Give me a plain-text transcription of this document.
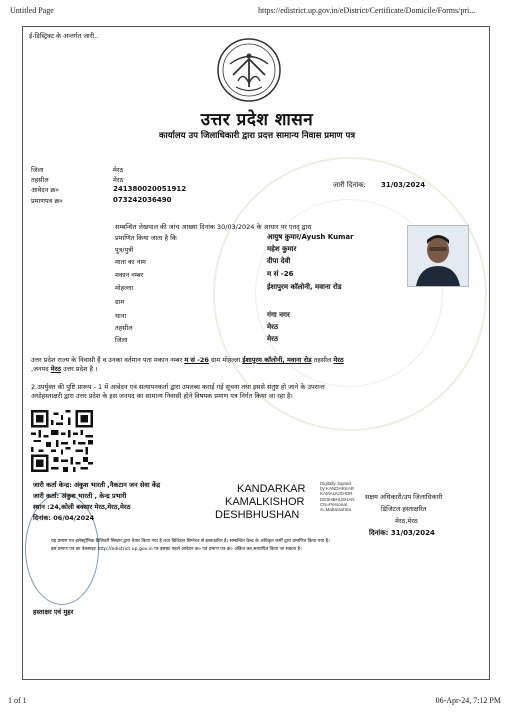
Untitled Page	https://edistrict.up.gov.in/eDistrict/Certificate/Domicile/Forms/pri...
ई-डिस्ट्रिक्ट के अन्तर्गत जारी..
उत्तर प्रदेश शासन
कार्यालय उप जिलाधिकारी द्वारा प्रदत्त सामान्य निवास प्रमाण पत्र
जिला	मेरठ
तहसील	मेरठ
आवेदन क्र०	241380020051912
प्रमाणपत्र क्र०	073242036490
जारी दिनांक: 31/03/2024
सम्बन्धित लेखपाल की जांच आख्या दिनांक 30/03/2024 के आधार पर एतद् द्वारा
प्रमाणित किया जाता है कि	आयुष कुमार/Ayush Kumar
पुत्र/पुत्री	महेश कुमार
माता का नाम	दीपा देवी
मकान नम्बर	म सं -26
मोहल्ला	ईशापुरम कॉलोनी, मवाना रोड
ग्राम
थाना	गंगा नगर
तहसील	मेरठ
जिला	मेरठ
उत्तर प्रदेश राज्य के निवासी हैं व उनका वर्तमान पता मकान नम्बर म सं -26 ग्राम मोहल्ला ईशापुरम कॉलोनी, मवाना रोड तहसील मेरठ
,जनपद मेरठ उत्तर प्रदेश है ।
2.उपर्युक्त की पुष्टि प्रारूप - 1 में आवेदन एवं सत्यापनकर्ता द्वारा उपलब्ध कराई गई सूचना तथा इससे संतुष्ट हो जाने के उपरान्त
अधोहस्ताक्षरी द्वारा उत्तर प्रदेश के इस जनपद का सामान्य निवासी होने विषयक प्रमाण पत्र निर्गत किया जा रहा है।
जारी कर्ता केन्द्र: अंकुश भारती ,नैकटान जन सेवा केंद्र
जारी कर्ता: अंकुश भारती , केन्द्र प्रभारी
स्थान :24,कोली बक्सार मेरठ,मेरठ,मेरठ
दिनांक: 06/04/2024
हस्ताक्षर एवं मुहर
KANDARKAR
KAMALKISHOR
DESHBHUSHAN
Digitally Signed
by KANDARKAR
KAMALKISHOR
DESHBHUSHAN
CN=Personal,
S=Maharashtra
सक्षम अधिकारी/उप जिलाधिकारी
डिजिटल हस्ताक्षरित
मेरठ,मेरठ
दिनांक: 31/03/2024
यह प्रमाण पत्र इलेक्ट्रॉनिक डिलिवरी सिस्टम द्वारा तैयार किया गया है तथा डिजिटल सिग्नेचर से हस्ताक्षरित है। सम्बन्धित केन्द्र के अधिकृत कर्मी द्वारा प्रमाणित किया गया है।
इस प्रमाण पत्र का वेबसाइट http://edistrict.up.gov.in पर इसका पहले आवेदन क्र० एवं प्रमाण पत्र क्र० अंकित कर,सत्यापित किया जा सकता है।
1 of 1	06-Apr-24, 7:12 PM
